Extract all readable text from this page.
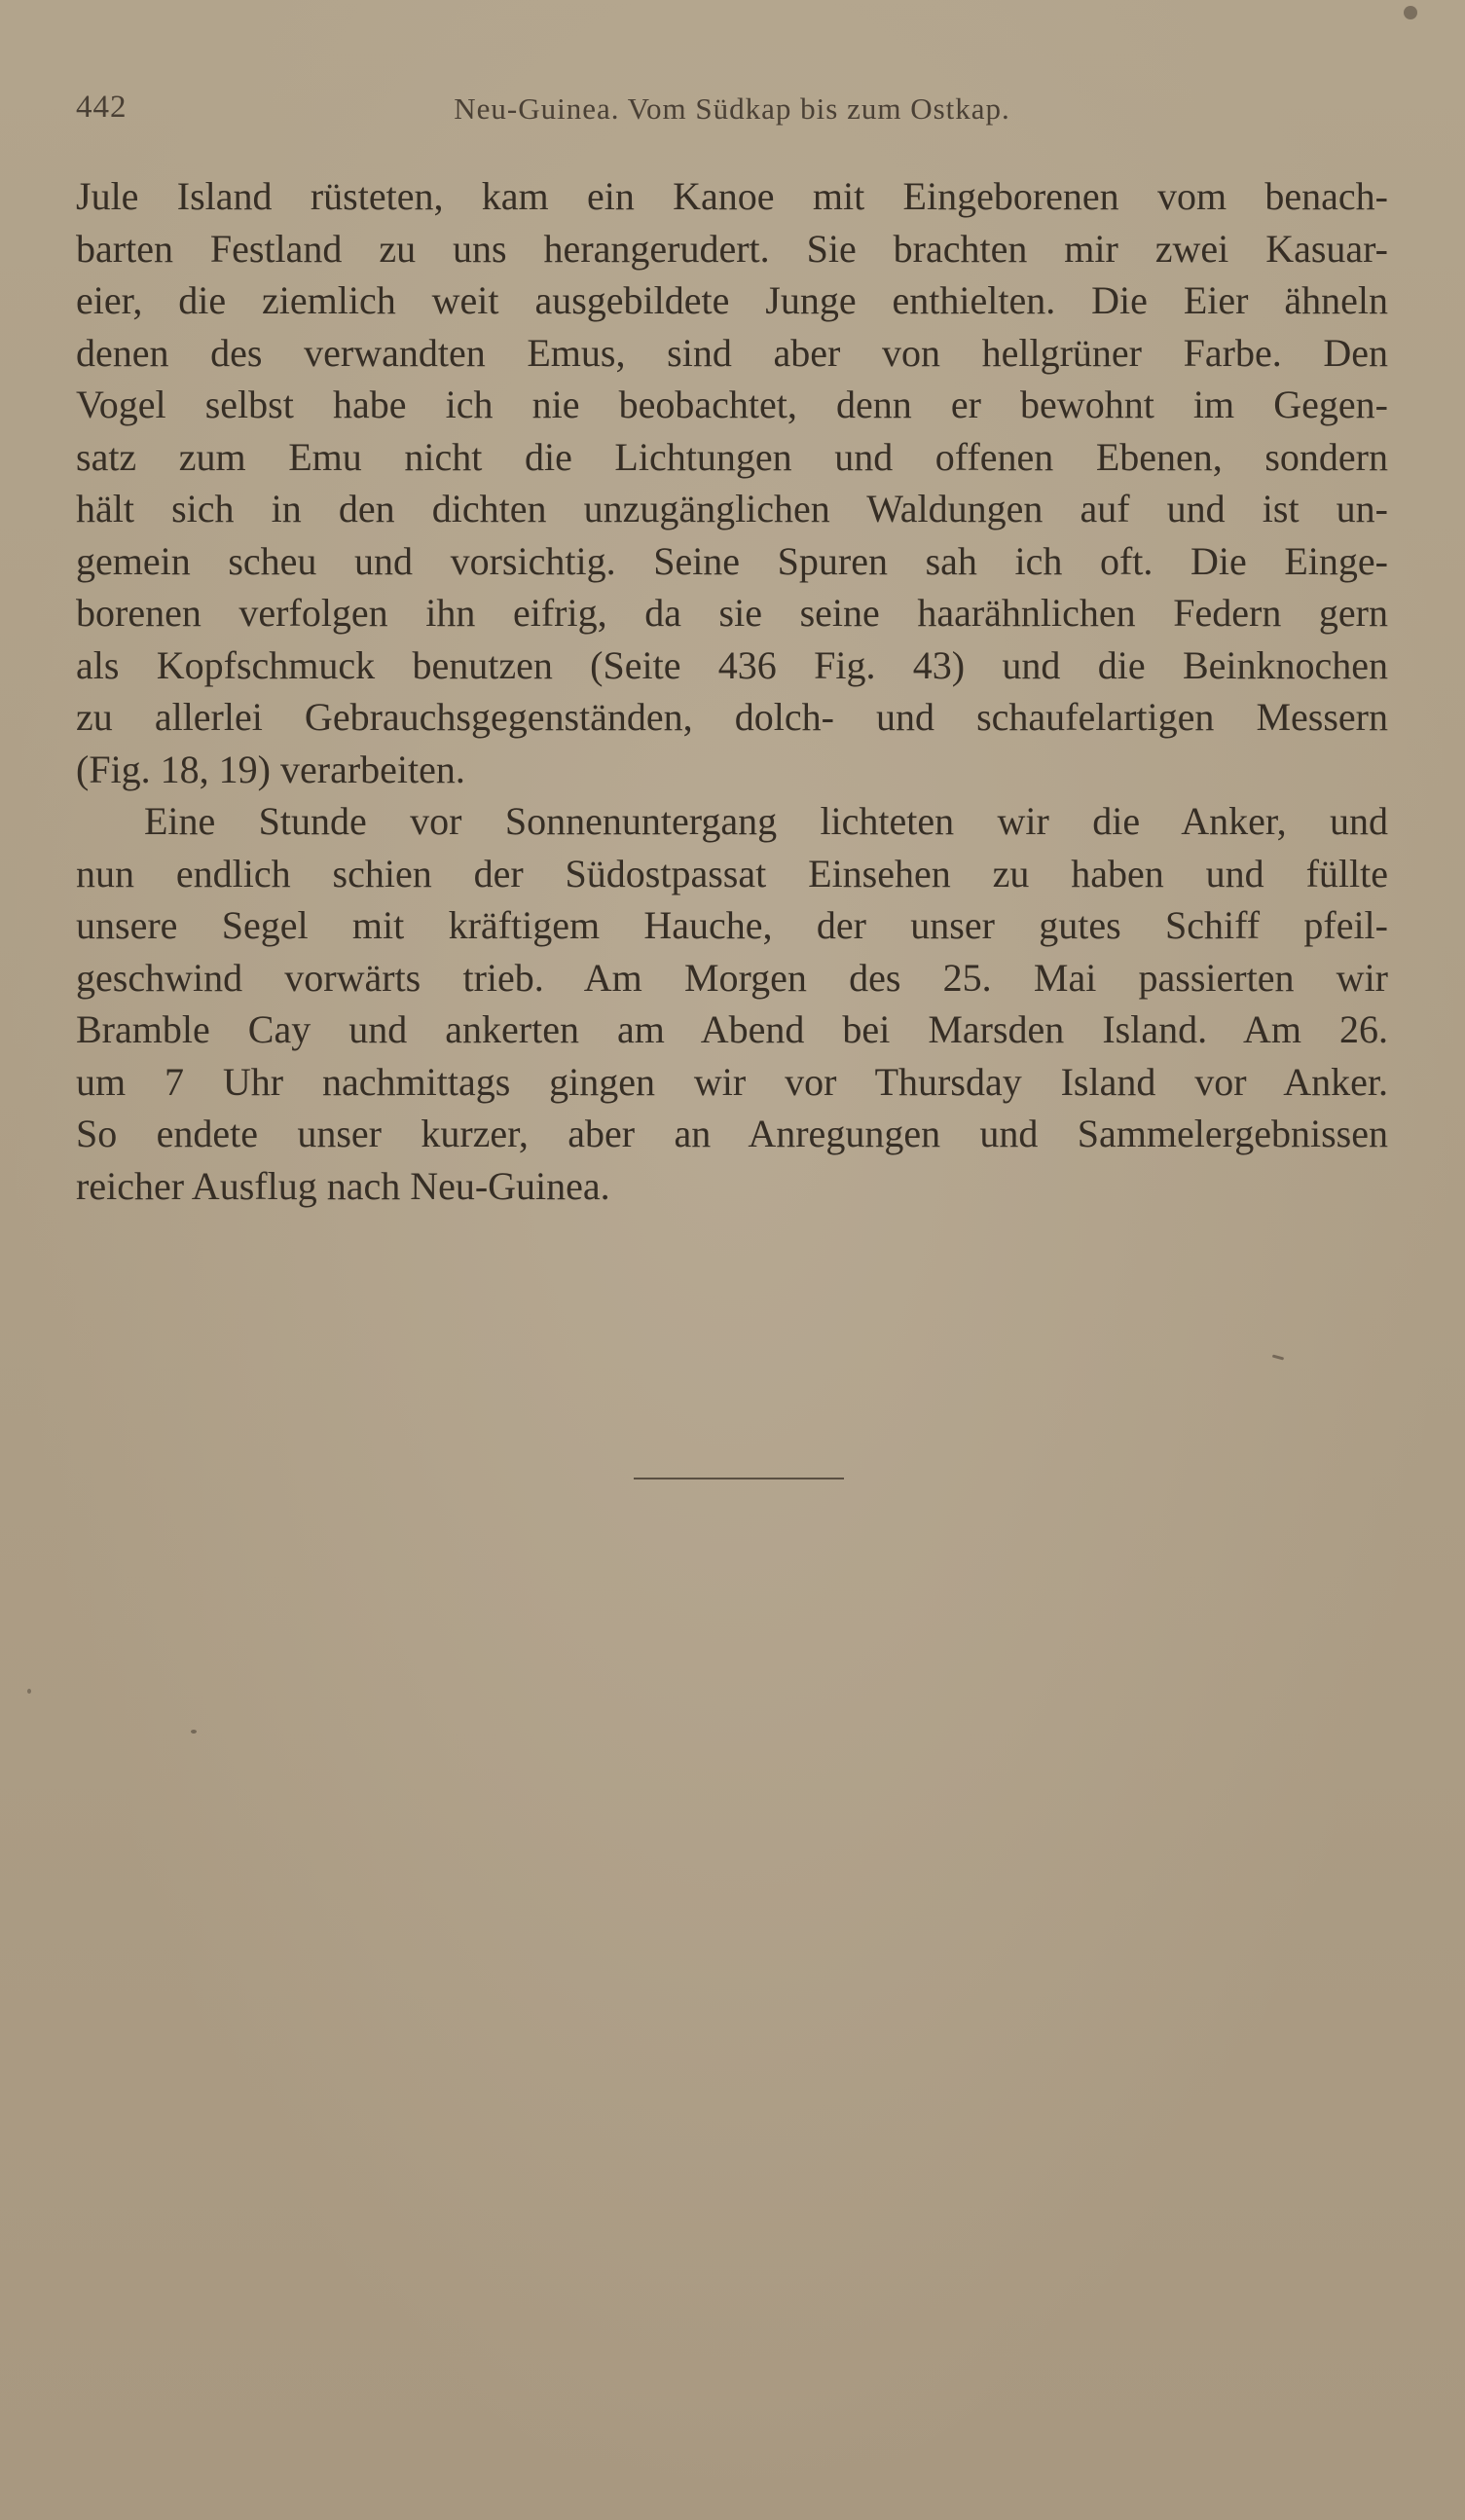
442	Neu-Guinea. Vom Südkap bis zum Ostkap.
Jule Island rüsteten, kam ein Kanoe mit Eingeborenen vom benach-
barten Festland zu uns herangerudert. Sie brachten mir zwei Kasuar-
eier, die ziemlich weit ausgebildete Junge enthielten. Die Eier ähneln
denen des verwandten Emus, sind aber von hellgrüner Farbe. Den
Vogel selbst habe ich nie beobachtet, denn er bewohnt im Gegen-
satz zum Emu nicht die Lichtungen und offenen Ebenen, sondern
hält sich in den dichten unzugänglichen Waldungen auf und ist un-
gemein scheu und vorsichtig. Seine Spuren sah ich oft. Die Einge-
borenen verfolgen ihn eifrig, da sie seine haarähnlichen Federn gern
als Kopfschmuck benutzen (Seite 436 Fig. 43) und die Beinknochen
zu allerlei Gebrauchsgegenständen, dolch- und schaufelartigen Messern
(Fig. 18, 19) verarbeiten.
Eine Stunde vor Sonnenuntergang lichteten wir die Anker, und
nun endlich schien der Südostpassat Einsehen zu haben und füllte
unsere Segel mit kräftigem Hauche, der unser gutes Schiff pfeil-
geschwind vorwärts trieb. Am Morgen des 25. Mai passierten wir
Bramble Cay und ankerten am Abend bei Marsden Island. Am 26.
um 7 Uhr nachmittags gingen wir vor Thursday Island vor Anker.
So endete unser kurzer, aber an Anregungen und Sammelergebnissen
reicher Ausflug nach Neu-Guinea.
